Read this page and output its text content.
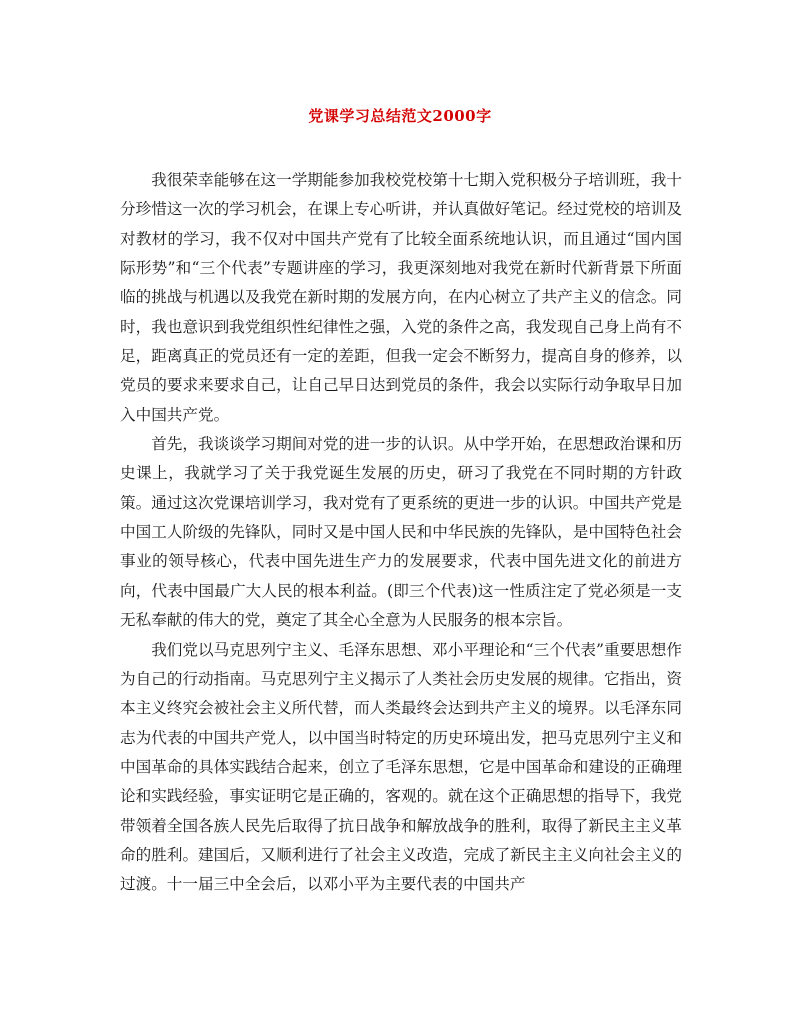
党课学习总结范文2000字

我很荣幸能够在这一学期能参加我校党校第十七期入党积极分子培训班，我十分珍惜这一次的学习机会，在课上专心听讲，并认真做好笔记。经过党校的培训及对教材的学习，我不仅对中国共产党有了比较全面系统地认识，而且通过“国内国际形势”和“三个代表”专题讲座的学习，我更深刻地对我党在新时代新背景下所面临的挑战与机遇以及我党在新时期的发展方向，在内心树立了共产主义的信念。同时，我也意识到我党组织性纪律性之强，入党的条件之高，我发现自己身上尚有不足，距离真正的党员还有一定的差距，但我一定会不断努力，提高自身的修养，以党员的要求来要求自己，让自己早日达到党员的条件，我会以实际行动争取早日加入中国共产党。

首先，我谈谈学习期间对党的进一步的认识。从中学开始，在思想政治课和历史课上，我就学习了关于我党诞生发展的历史，研习了我党在不同时期的方针政策。通过这次党课培训学习，我对党有了更系统的更进一步的认识。中国共产党是中国工人阶级的先锋队，同时又是中国人民和中华民族的先锋队，是中国特色社会事业的领导核心，代表中国先进生产力的发展要求，代表中国先进文化的前进方向，代表中国最广大人民的根本利益。(即三个代表)这一性质注定了党必须是一支无私奉献的伟大的党，奠定了其全心全意为人民服务的根本宗旨。

我们党以马克思列宁主义、毛泽东思想、邓小平理论和“三个代表”重要思想作为自己的行动指南。马克思列宁主义揭示了人类社会历史发展的规律。它指出，资本主义终究会被社会主义所代替，而人类最终会达到共产主义的境界。以毛泽东同志为代表的中国共产党人，以中国当时特定的历史环境出发，把马克思列宁主义和中国革命的具体实践结合起来，创立了毛泽东思想，它是中国革命和建设的正确理论和实践经验，事实证明它是正确的，客观的。就在这个正确思想的指导下，我党带领着全国各族人民先后取得了抗日战争和解放战争的胜利，取得了新民主主义革命的胜利。建国后，又顺利进行了社会主义改造，完成了新民主主义向社会主义的过渡。十一届三中全会后，以邓小平为主要代表的中国共产
